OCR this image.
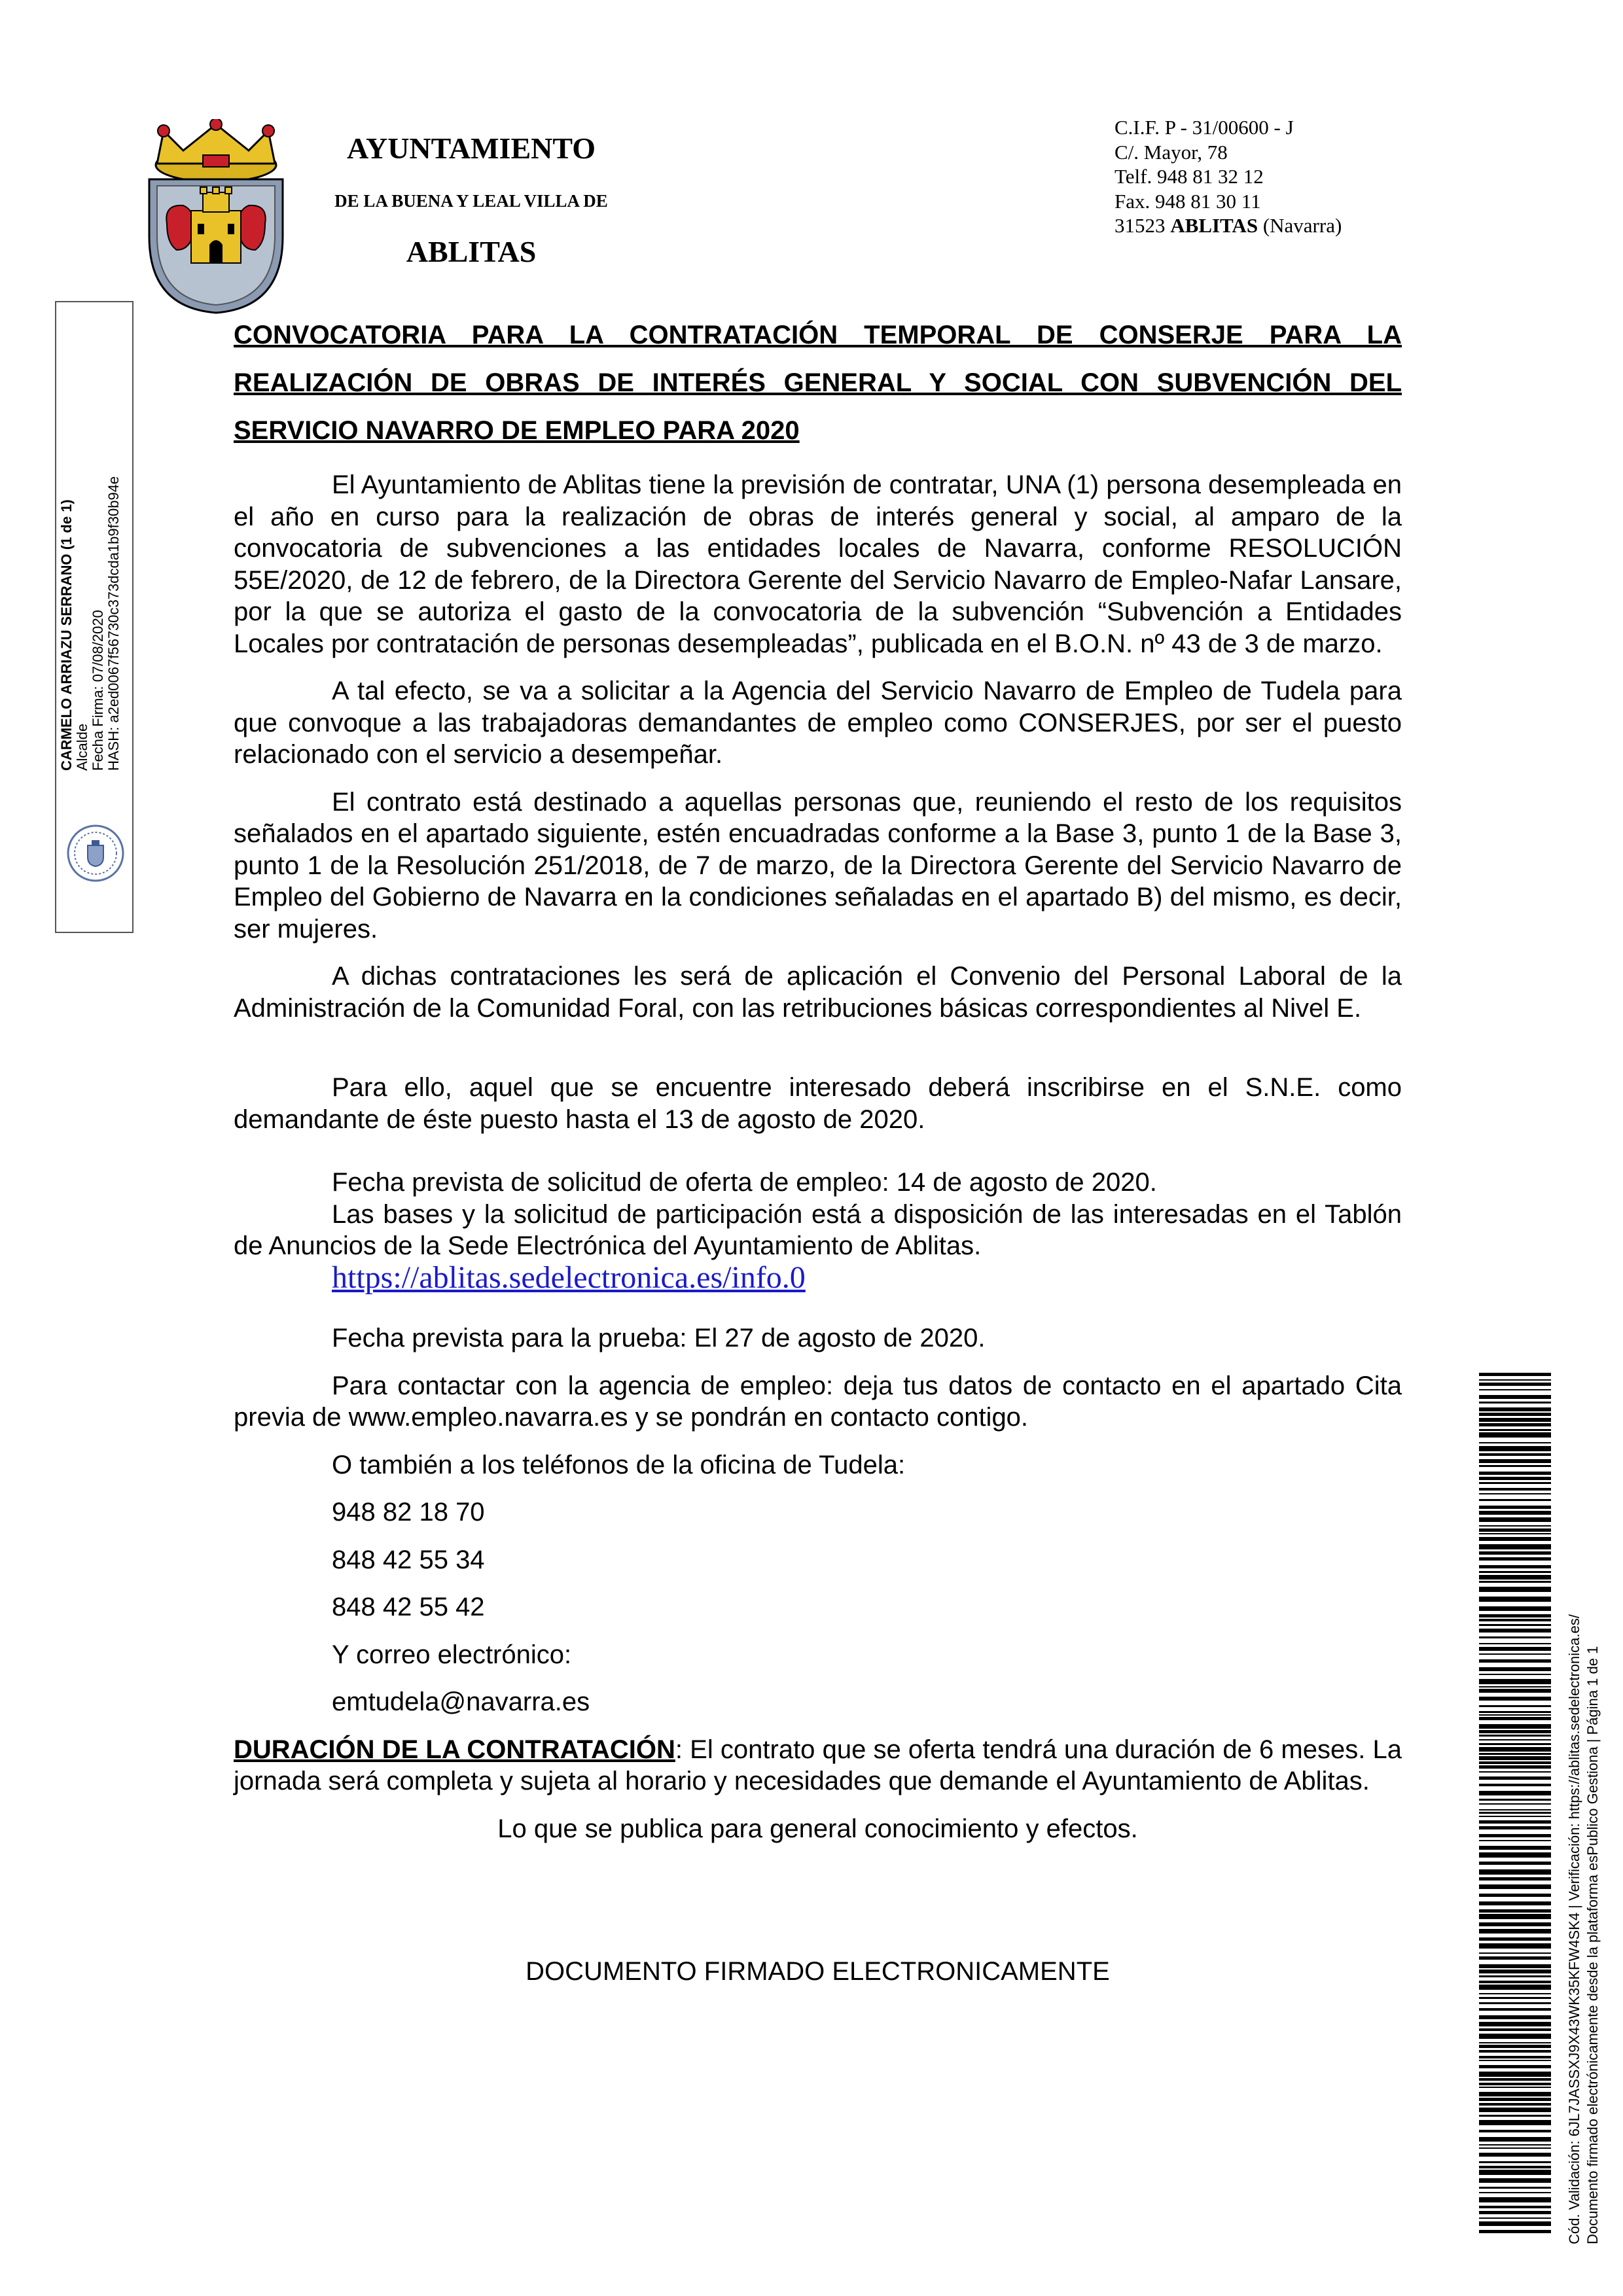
AYUNTAMIENTO
DE LA BUENA Y LEAL VILLA DE
ABLITAS
C.I.F. P - 31/00600 - J
C/. Mayor, 78
Telf. 948 81 32 12
Fax. 948 81 30 11
31523 ABLITAS (Navarra)
CARMELO ARRIAZU SERRANO (1 de 1) Alcalde Fecha Firma: 07/08/2020 HASH: a2ed0067f56730c373dcda1b9f30b94e

CONVOCATORIA PARA LA CONTRATACIÓN TEMPORAL DE CONSERJE PARA LA

REALIZACIÓN DE OBRAS DE INTERÉS GENERAL Y SOCIAL CON SUBVENCIÓN DEL

SERVICIO NAVARRO DE EMPLEO PARA 2020

El Ayuntamiento de Ablitas tiene la previsión de contratar, UNA (1) persona desempleada en el año en curso para la realización de obras de interés general y social, al amparo de la convocatoria de subvenciones a las entidades locales de Navarra, conforme RESOLUCIÓN 55E/2020, de 12 de febrero, de la Directora Gerente del Servicio Navarro de Empleo-Nafar Lansare, por la que se autoriza el gasto de la convocatoria de la subvención “Subvención a Entidades Locales por contratación de personas desempleadas”, publicada en el B.O.N. nº 43 de 3 de marzo.

A tal efecto, se va a solicitar a la Agencia del Servicio Navarro de Empleo de Tudela para que convoque a las trabajadoras demandantes de empleo como CONSERJES, por ser el puesto relacionado con el servicio a desempeñar.

El contrato está destinado a aquellas personas que, reuniendo el resto de los requisitos señalados en el apartado siguiente, estén encuadradas conforme a la Base 3, punto 1 de la Base 3, punto 1 de la Resolución 251/2018, de 7 de marzo, de la Directora Gerente del Servicio Navarro de Empleo del Gobierno de Navarra en la condiciones señaladas en el apartado B) del mismo, es decir, ser mujeres.

A dichas contrataciones les será de aplicación el Convenio del Personal Laboral de la Administración de la Comunidad Foral, con las retribuciones básicas correspondientes al Nivel E.

Para ello, aquel que se encuentre interesado deberá inscribirse en el S.N.E. como demandante de éste puesto hasta el 13 de agosto de 2020.

Fecha prevista de solicitud de oferta de empleo: 14 de agosto de 2020.

Las bases y la solicitud de participación está a disposición de las interesadas en el Tablón de Anuncios de la Sede Electrónica del Ayuntamiento de Ablitas.

https://ablitas.sedelectronica.es/info.0

Fecha prevista para la prueba: El 27 de agosto de 2020.

Para contactar con la agencia de empleo: deja tus datos de contacto en el apartado Cita previa de www.empleo.navarra.es y se pondrán en contacto contigo.

O también a los teléfonos de la oficina de Tudela:

948 82 18 70

848 42 55 34

848 42 55 42

Y correo electrónico:

emtudela@navarra.es

DURACIÓN DE LA CONTRATACIÓN: El contrato que se oferta tendrá una duración de 6 meses. La jornada será completa y sujeta al horario y necesidades que demande el Ayuntamiento de Ablitas.

Lo que se publica para general conocimiento y efectos.

DOCUMENTO FIRMADO ELECTRONICAMENTE	Cód. Validación: 6JL7JASSXJ9X43WK35KFW4SK4 | Verificación: https://ablitas.sedelectronica.es/ Documento firmado electrónicamente desde la plataforma esPublico Gestiona | Página 1 de 1
